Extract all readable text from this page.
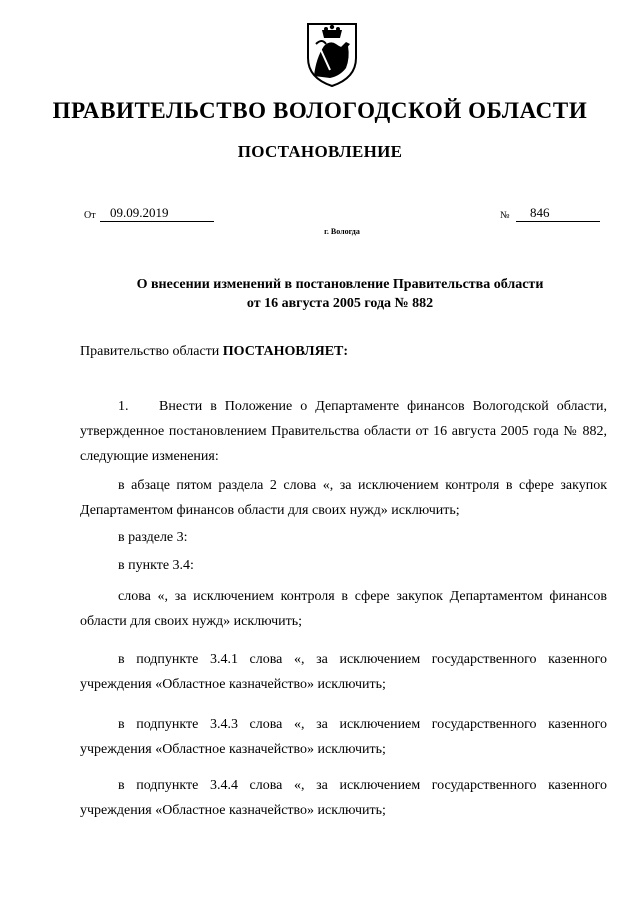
ПРАВИТЕЛЬСТВО ВОЛОГОДСКОЙ ОБЛАСТИ
ПОСТАНОВЛЕНИЕ
От	09.09.2019	№	846
г. Вологда
О внесении изменений в постановление Правительства области
от 16 августа 2005 года № 882
Правительство области ПОСТАНОВЛЯЕТ:
1. Внести в Положение о Департаменте финансов Вологодской области, утвержденное постановлением Правительства области от 16 августа 2005 года № 882, следующие изменения:
в абзаце пятом раздела 2 слова «, за исключением контроля в сфере закупок Департаментом финансов области для своих нужд» исключить;
в разделе 3:
в пункте 3.4:
слова «, за исключением контроля в сфере закупок Департаментом финансов области для своих нужд» исключить;
в подпункте 3.4.1 слова «, за исключением государственного казенного учреждения «Областное казначейство» исключить;
в подпункте 3.4.3 слова «, за исключением государственного казенного учреждения «Областное казначейство» исключить;
в подпункте 3.4.4 слова «, за исключением государственного казенного учреждения «Областное казначейство» исключить;
